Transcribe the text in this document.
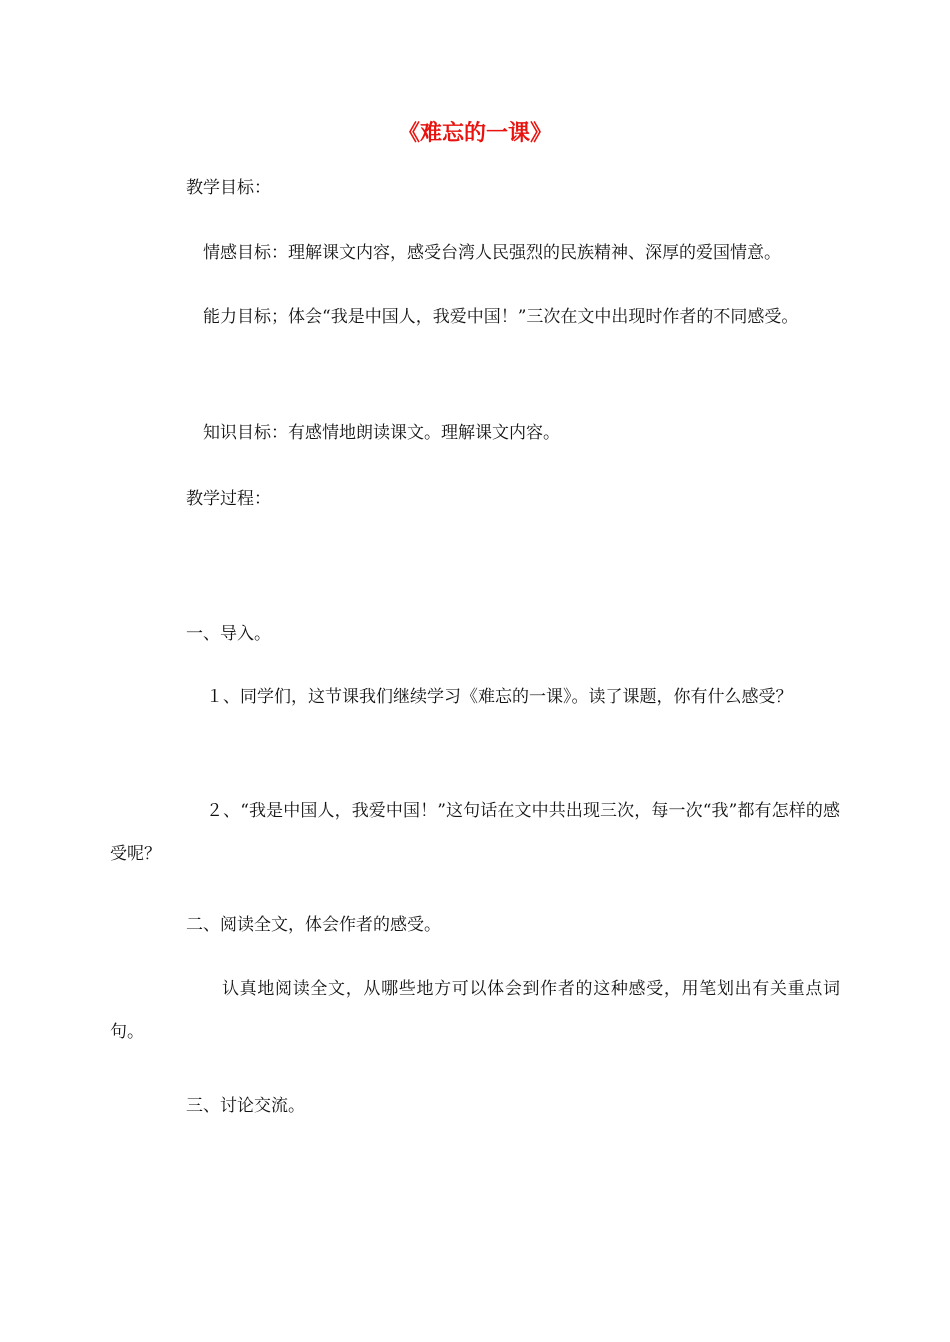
《难忘的一课》
教学目标：
情感目标：理解课文内容，感受台湾人民强烈的民族精神、深厚的爱国情意。
能力目标；体会“我是中国人，我爱中国！”三次在文中出现时作者的不同感受。
知识目标：有感情地朗读课文。理解课文内容。
教学过程：
一、导入。
１、同学们，这节课我们继续学习《难忘的一课》。读了课题，你有什么感受？
２、“我是中国人，我爱中国！”这句话在文中共出现三次，每一次“我”都有怎样的感受呢？
二、阅读全文，体会作者的感受。
认真地阅读全文，从哪些地方可以体会到作者的这种感受，用笔划出有关重点词句。
三、讨论交流。
